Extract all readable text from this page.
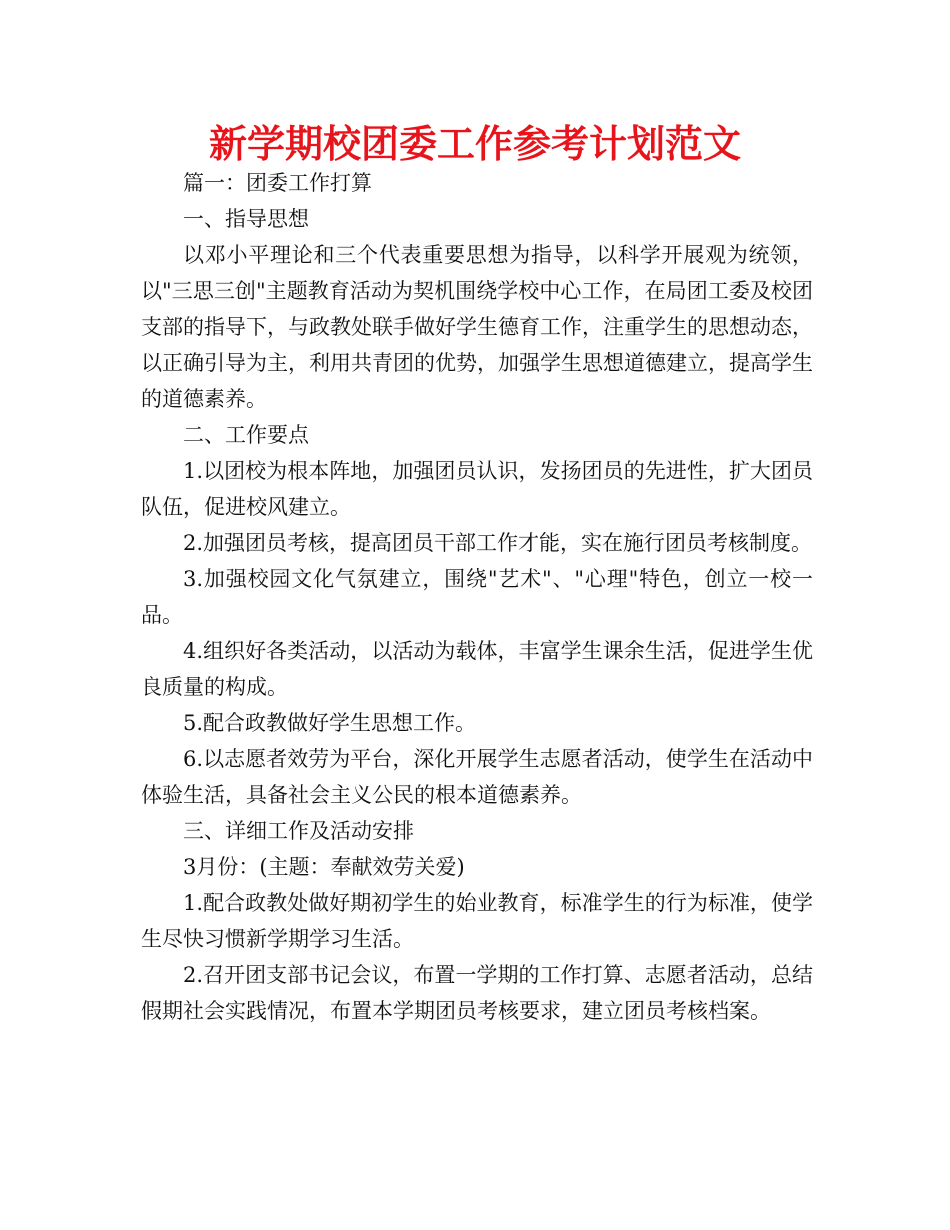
新学期校团委工作参考计划范文

篇一：团委工作打算

一、指导思想

以邓小平理论和三个代表重要思想为指导，以科学开展观为统领，以"三思三创"主题教育活动为契机围绕学校中心工作，在局团工委及校团支部的指导下，与政教处联手做好学生德育工作，注重学生的思想动态，以正确引导为主，利用共青团的优势，加强学生思想道德建立，提高学生的道德素养。

二、工作要点

1.以团校为根本阵地，加强团员认识，发扬团员的先进性，扩大团员队伍，促进校风建立。

2.加强团员考核，提高团员干部工作才能，实在施行团员考核制度。

3.加强校园文化气氛建立，围绕"艺术"、"心理"特色，创立一校一品。

4.组织好各类活动，以活动为载体，丰富学生课余生活，促进学生优良质量的构成。

5.配合政教做好学生思想工作。

6.以志愿者效劳为平台，深化开展学生志愿者活动，使学生在活动中体验生活，具备社会主义公民的根本道德素养。

三、详细工作及活动安排

3月份：(主题：奉献效劳关爱)

1.配合政教处做好期初学生的始业教育，标准学生的行为标准，使学生尽快习惯新学期学习生活。

2.召开团支部书记会议，布置一学期的工作打算、志愿者活动，总结假期社会实践情况，布置本学期团员考核要求，建立团员考核档案。
